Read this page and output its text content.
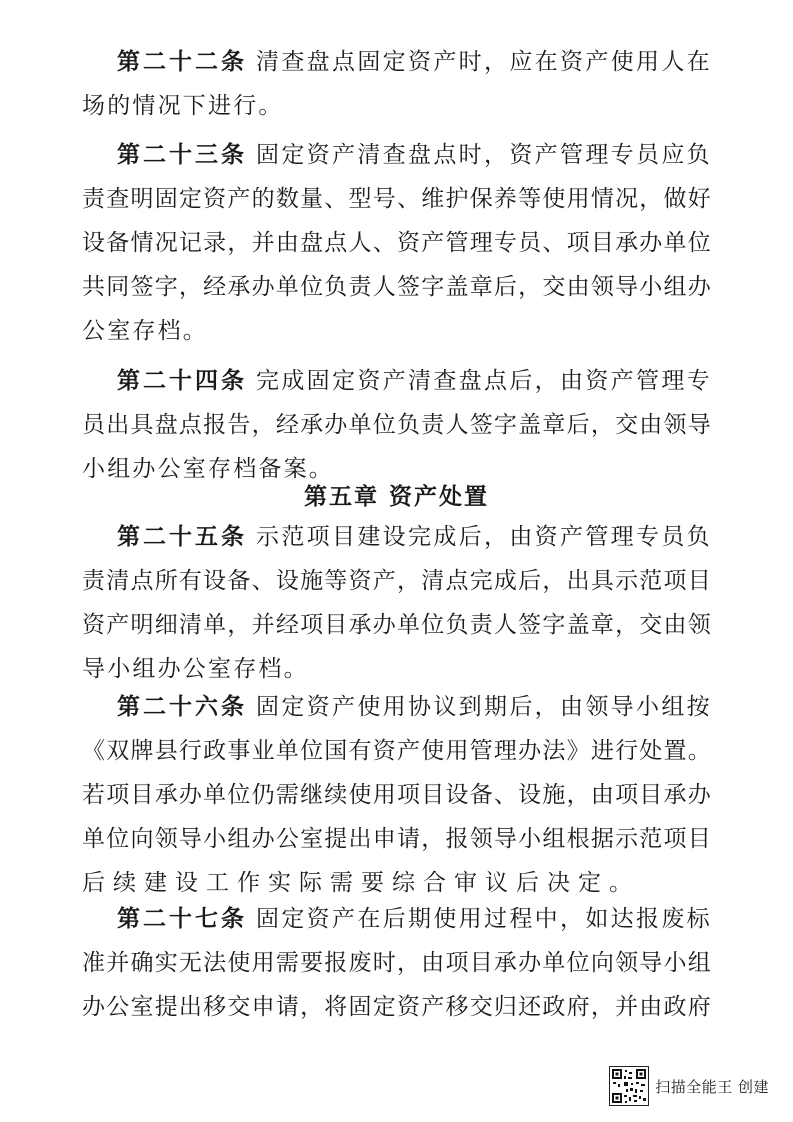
第二十二条 清查盘点固定资产时，应在资产使用人在
场的情况下进行。
第二十三条 固定资产清查盘点时，资产管理专员应负
责查明固定资产的数量、型号、维护保养等使用情况，做好
设备情况记录，并由盘点人、资产管理专员、项目承办单位
共同签字，经承办单位负责人签字盖章后，交由领导小组办
公室存档。
第二十四条 完成固定资产清查盘点后，由资产管理专
员出具盘点报告，经承办单位负责人签字盖章后，交由领导
小组办公室存档备案。
第二十五条 示范项目建设完成后，由资产管理专员负
责清点所有设备、设施等资产，清点完成后，出具示范项目
资产明细清单，并经项目承办单位负责人签字盖章，交由领
导小组办公室存档。
第二十六条 固定资产使用协议到期后，由领导小组按
《双牌县行政事业单位国有资产使用管理办法》进行处置。
若项目承办单位仍需继续使用项目设备、设施，由项目承办
单位向领导小组办公室提出申请，报领导小组根据示范项目
后续建设工作实际需要综合审议后决定。
第二十七条 固定资产在后期使用过程中，如达报废标
准并确实无法使用需要报废时，由项目承办单位向领导小组
办公室提出移交申请，将固定资产移交归还政府，并由政府
第五章 资产处置
扫描全能王 创建
